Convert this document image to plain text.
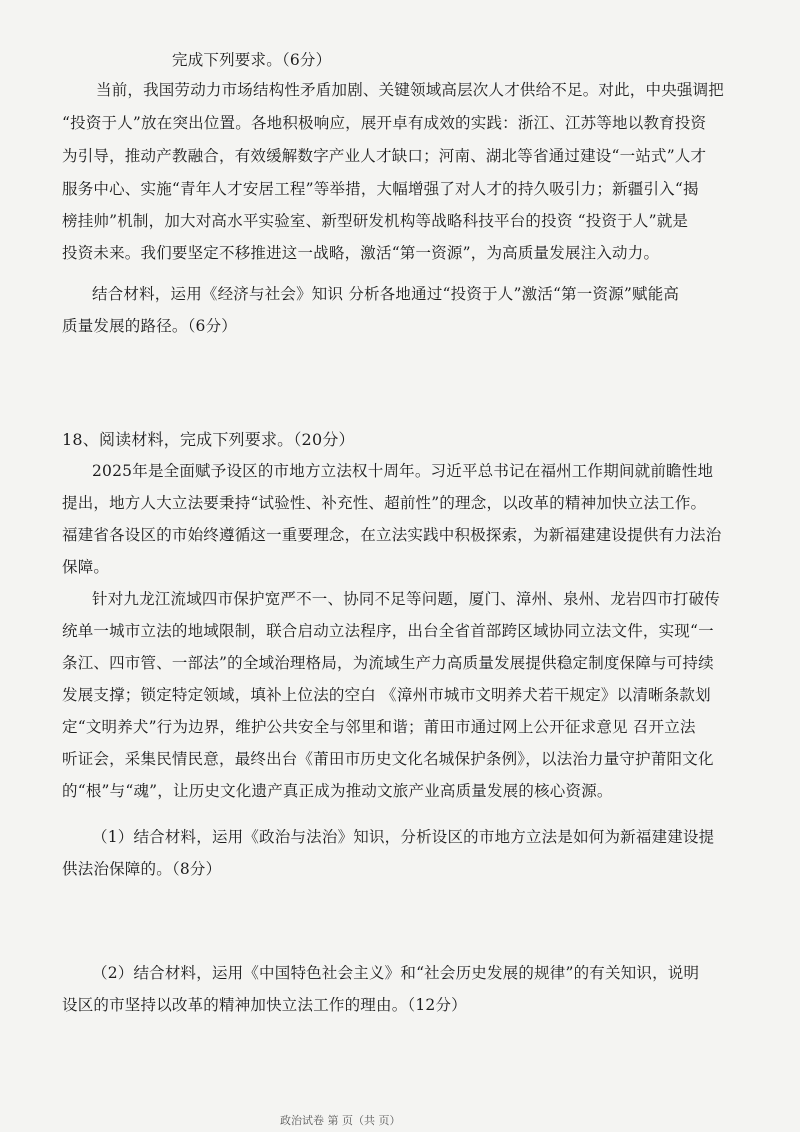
完成下列要求。（6分）
当前，我国劳动力市场结构性矛盾加剧、关键领域高层次人才供给不足。对此，中央强调把
“投资于人”放在突出位置。各地积极响应，展开卓有成效的实践：浙江、江苏等地以教育投资
为引导，推动产教融合，有效缓解数字产业人才缺口；河南、湖北等省通过建设“一站式”人才
服务中心、实施“青年人才安居工程”等举措，大幅增强了对人才的持久吸引力；新疆引入“揭
榜挂帅”机制，加大对高水平实验室、新型研发机构等战略科技平台的投资 “投资于人”就是
投资未来。我们要坚定不移推进这一战略，激活“第一资源”，为高质量发展注入动力。
结合材料，运用《经济与社会》知识 分析各地通过“投资于人”激活“第一资源”赋能高
质量发展的路径。（6分）
18、阅读材料，完成下列要求。（20分）
2025年是全面赋予设区的市地方立法权十周年。习近平总书记在福州工作期间就前瞻性地
提出，地方人大立法要秉持“试验性、补充性、超前性”的理念，以改革的精神加快立法工作。
福建省各设区的市始终遵循这一重要理念，在立法实践中积极探索，为新福建建设提供有力法治
保障。
针对九龙江流域四市保护宽严不一、协同不足等问题，厦门、漳州、泉州、龙岩四市打破传
统单一城市立法的地域限制，联合启动立法程序，出台全省首部跨区域协同立法文件，实现“一
条江、四市管、一部法”的全域治理格局，为流域生产力高质量发展提供稳定制度保障与可持续
发展支撑；锁定特定领域，填补上位法的空白 《漳州市城市文明养犬若干规定》以清晰条款划
定“文明养犬”行为边界，维护公共安全与邻里和谐；莆田市通过网上公开征求意见 召开立法
听证会，采集民情民意，最终出台《莆田市历史文化名城保护条例》，以法治力量守护莆阳文化
的“根”与“魂”，让历史文化遗产真正成为推动文旅产业高质量发展的核心资源。
（1）结合材料，运用《政治与法治》知识，分析设区的市地方立法是如何为新福建建设提
供法治保障的。（8分）
（2）结合材料，运用《中国特色社会主义》和“社会历史发展的规律”的有关知识，说明
设区的市坚持以改革的精神加快立法工作的理由。（12分）
政治试卷 第 页（共 页）
